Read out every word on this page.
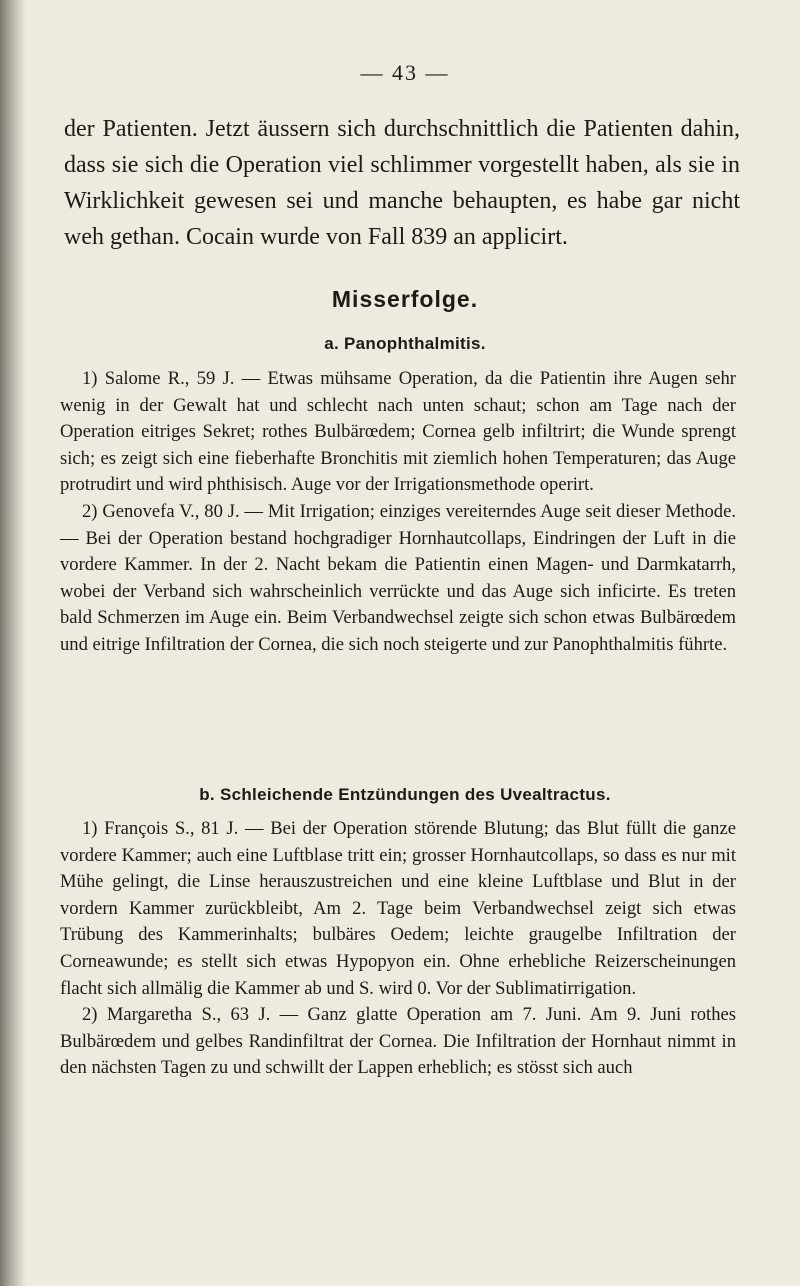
— 43 —

der Patienten. Jetzt äussern sich durchschnittlich die Patienten dahin, dass sie sich die Operation viel schlimmer vorgestellt haben, als sie in Wirklichkeit gewesen sei und manche behaupten, es habe gar nicht weh gethan. Cocain wurde von Fall 839 an applicirt.

Misserfolge.

a. Panophthalmitis.

1) Salome R., 59 J. — Etwas mühsame Operation, da die Patientin ihre Augen sehr wenig in der Gewalt hat und schlecht nach unten schaut; schon am Tage nach der Operation eitriges Sekret; rothes Bulbärœdem; Cornea gelb infiltrirt; die Wunde sprengt sich; es zeigt sich eine fieberhafte Bronchitis mit ziemlich hohen Temperaturen; das Auge protrudirt und wird phthisisch. Auge vor der Irrigationsmethode operirt.

2) Genovefa V., 80 J. — Mit Irrigation; einziges vereiterndes Auge seit dieser Methode. — Bei der Operation bestand hochgradiger Hornhautcollaps, Eindringen der Luft in die vordere Kammer. In der 2. Nacht bekam die Patientin einen Magen- und Darmkatarrh, wobei der Verband sich wahrscheinlich verrückte und das Auge sich inficirte. Es treten bald Schmerzen im Auge ein. Beim Verbandwechsel zeigte sich schon etwas Bulbärœdem und eitrige Infiltration der Cornea, die sich noch steigerte und zur Panophthalmitis führte.

b. Schleichende Entzündungen des Uvealtractus.

1) François S., 81 J. — Bei der Operation störende Blutung; das Blut füllt die ganze vordere Kammer; auch eine Luftblase tritt ein; grosser Hornhautcollaps, so dass es nur mit Mühe gelingt, die Linse herauszustreichen und eine kleine Luftblase und Blut in der vordern Kammer zurückbleibt, Am 2. Tage beim Verbandwechsel zeigt sich etwas Trübung des Kammerinhalts; bulbäres Oedem; leichte graugelbe Infiltration der Corneawunde; es stellt sich etwas Hypopyon ein. Ohne erhebliche Reizerscheinungen flacht sich allmälig die Kammer ab und S. wird 0. Vor der Sublimatirrigation.

2) Margaretha S., 63 J. — Ganz glatte Operation am 7. Juni. Am 9. Juni rothes Bulbärœdem und gelbes Randinfiltrat der Cornea. Die Infiltration der Hornhaut nimmt in den nächsten Tagen zu und schwillt der Lappen erheblich; es stösst sich auch
